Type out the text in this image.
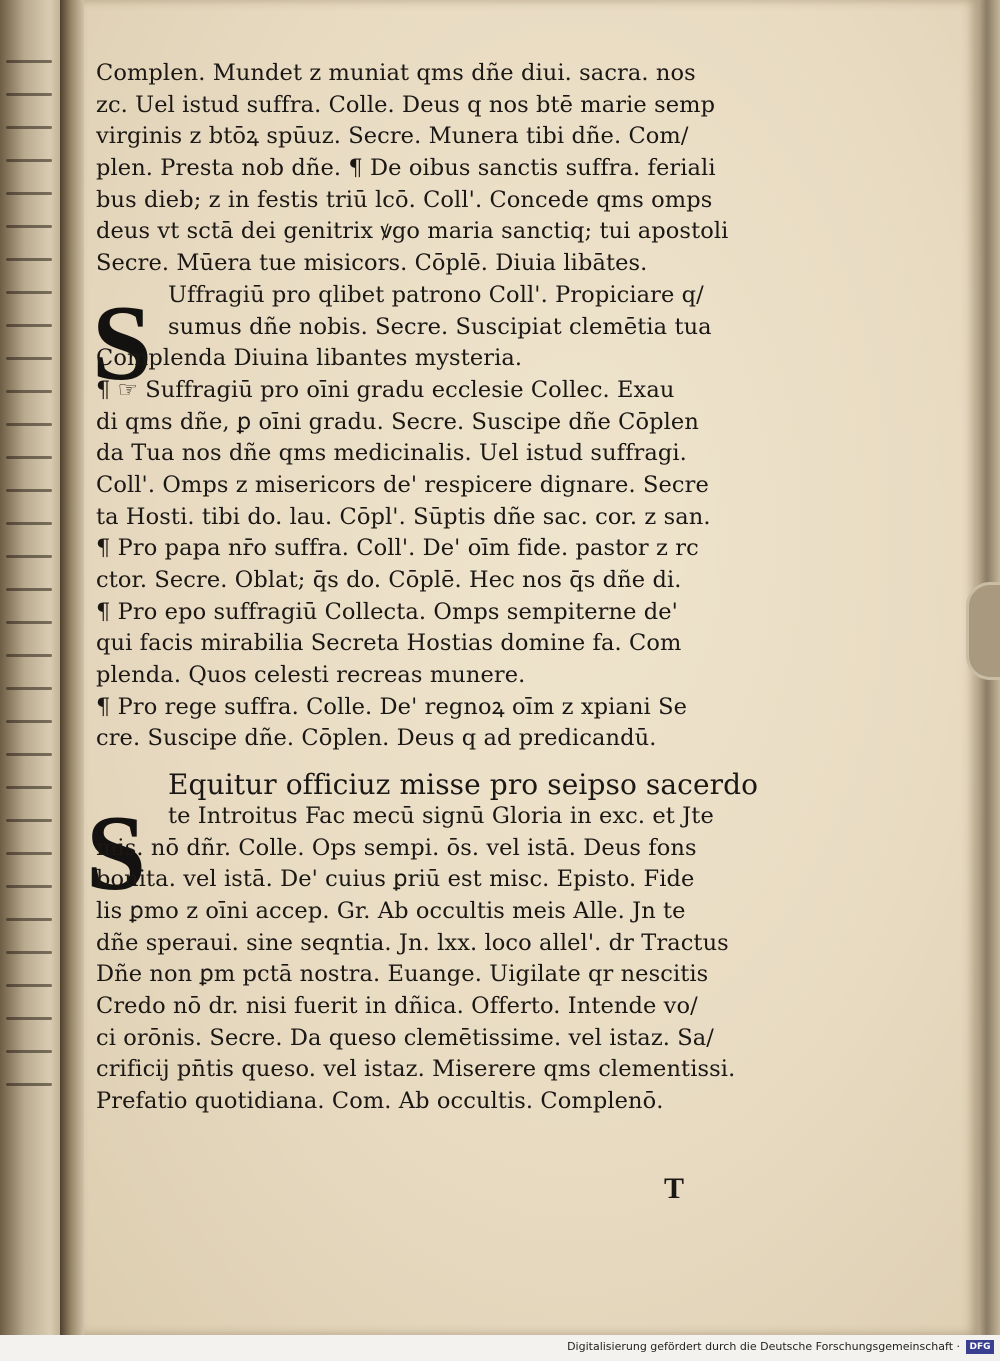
S
S
Complen. Mundet z muniat qms dñe diui. sacra. nos
zc. Uel istud suffra. Colle. Deus q nos btē marie semp
virginis z btōꝝ spūuz. Secre. Munera tibi dñe. Com/
plen. Presta nob dñe. ¶ De oibus sanctis suffra. feriali
bus dieb; z in festis triū lcō. Coll'. Concede qms omps
deus vt sctā dei genitrix ꝟgo maria sanctiq; tui apostoli
Secre. Mūera tue misicors. Cōplē. Diuia libātes.
Uffragiū pro qlibet patrono Coll'. Propiciare q/
sumus dñe nobis. Secre. Suscipiat clemētia tua
Complenda Diuina libantes mysteria.
¶ ☞ Suffragiū pro oīni gradu ecclesie Collec. Exau
di qms dñe, ꝑ oīni gradu. Secre. Suscipe dñe Cōplen
da Tua nos dñe qms medicinalis. Uel istud suffragi.
Coll'. Omps z misericors de' respicere dignare. Secre
ta Hosti. tibi do. lau. Cōpl'. Sūptis dñe sac. cor. z san.
¶ Pro papa nr̄o suffra. Coll'. De' oīm fide. pastor z rc
ctor. Secre. Oblat; q̄s do. Cōplē. Hec nos q̄s dñe di.
¶ Pro epo suffragiū Collecta. Omps sempiterne de'
qui facis mirabilia Secreta Hostias domine fa. Com
plenda. Quos celesti recreas munere.
¶ Pro rege suffra. Colle. De' regnoꝝ oīm z xpiani Se
cre. Suscipe dñe. Cōplen. Deus q ad predicandū.
Equitur officiuz misse pro seipso sacerdo
te Introitus Fac mecū signū Gloria in exc. et Jte
mis. nō dñr. Colle. Ops sempi. ōs. vel istā. Deus fons
bonita. vel istā. De' cuius ꝑriū est misc. Episto. Fide
lis ꝑmo z oīni accep. Gr. Ab occultis meis Alle. Jn te
dñe speraui. sine seqntia. Jn. lxx. loco allel'. dr Tractus
Dñe non ꝑm pctā nostra. Euange. Uigilate qr nescitis
Credo nō dr. nisi fuerit in dñica. Offerto. Intende vo/
ci orōnis. Secre. Da queso clemētissime. vel istaz. Sa/
crificij pn̄tis queso. vel istaz. Miserere qms clementissi.
Prefatio quotidiana. Com. Ab occultis. Complenō.
T
Digitalisierung gefördert durch die Deutsche Forschungsgemeinschaft ·	DFG
